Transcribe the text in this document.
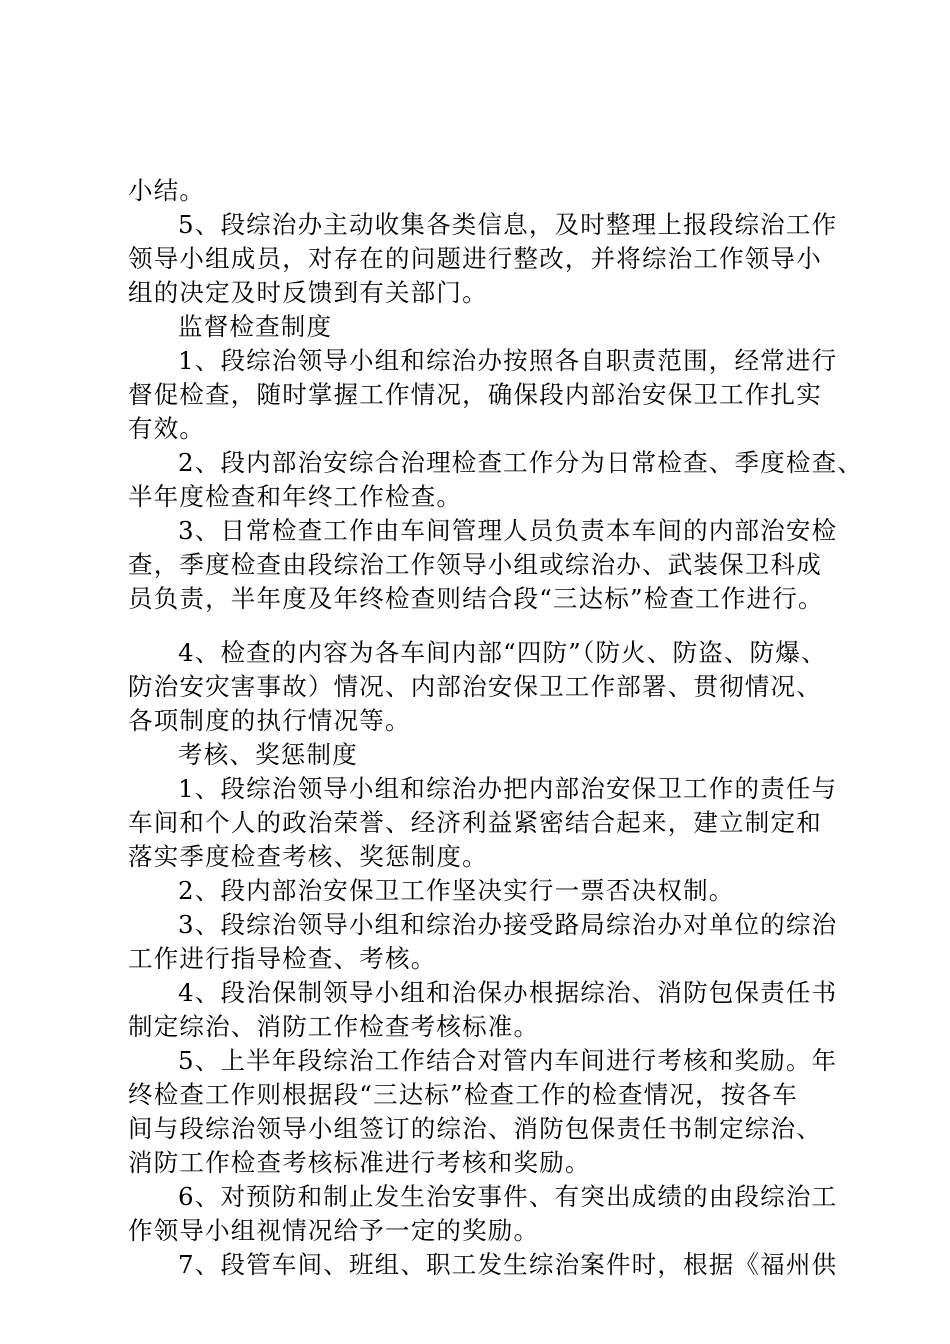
小结。
5、段综治办主动收集各类信息，及时整理上报段综治工作
领导小组成员，对存在的问题进行整改，并将综治工作领导小
组的决定及时反馈到有关部门。
监督检查制度
1、段综治领导小组和综治办按照各自职责范围，经常进行
督促检查，随时掌握工作情况，确保段内部治安保卫工作扎实
有效。
2、段内部治安综合治理检查工作分为日常检查、季度检查、
半年度检查和年终工作检查。
3、日常检查工作由车间管理人员负责本车间的内部治安检
查，季度检查由段综治工作领导小组或综治办、武装保卫科成
员负责，半年度及年终检查则结合段“三达标”检查工作进行。
4、检查的内容为各车间内部“四防”（防火、防盗、防爆、
防治安灾害事故）情况、内部治安保卫工作部署、贯彻情况、
各项制度的执行情况等。
考核、奖惩制度
1、段综治领导小组和综治办把内部治安保卫工作的责任与
车间和个人的政治荣誉、经济利益紧密结合起来，建立制定和
落实季度检查考核、奖惩制度。
2、段内部治安保卫工作坚决实行一票否决权制。
3、段综治领导小组和综治办接受路局综治办对单位的综治
工作进行指导检查、考核。
4、段治保制领导小组和治保办根据综治、消防包保责任书
制定综治、消防工作检查考核标准。
5、上半年段综治工作结合对管内车间进行考核和奖励。年
终检查工作则根据段“三达标”检查工作的检查情况，按各车
间与段综治领导小组签订的综治、消防包保责任书制定综治、
消防工作检查考核标准进行考核和奖励。
6、对预防和制止发生治安事件、有突出成绩的由段综治工
作领导小组视情况给予一定的奖励。
7、段管车间、班组、职工发生综治案件时，根据《福州供
